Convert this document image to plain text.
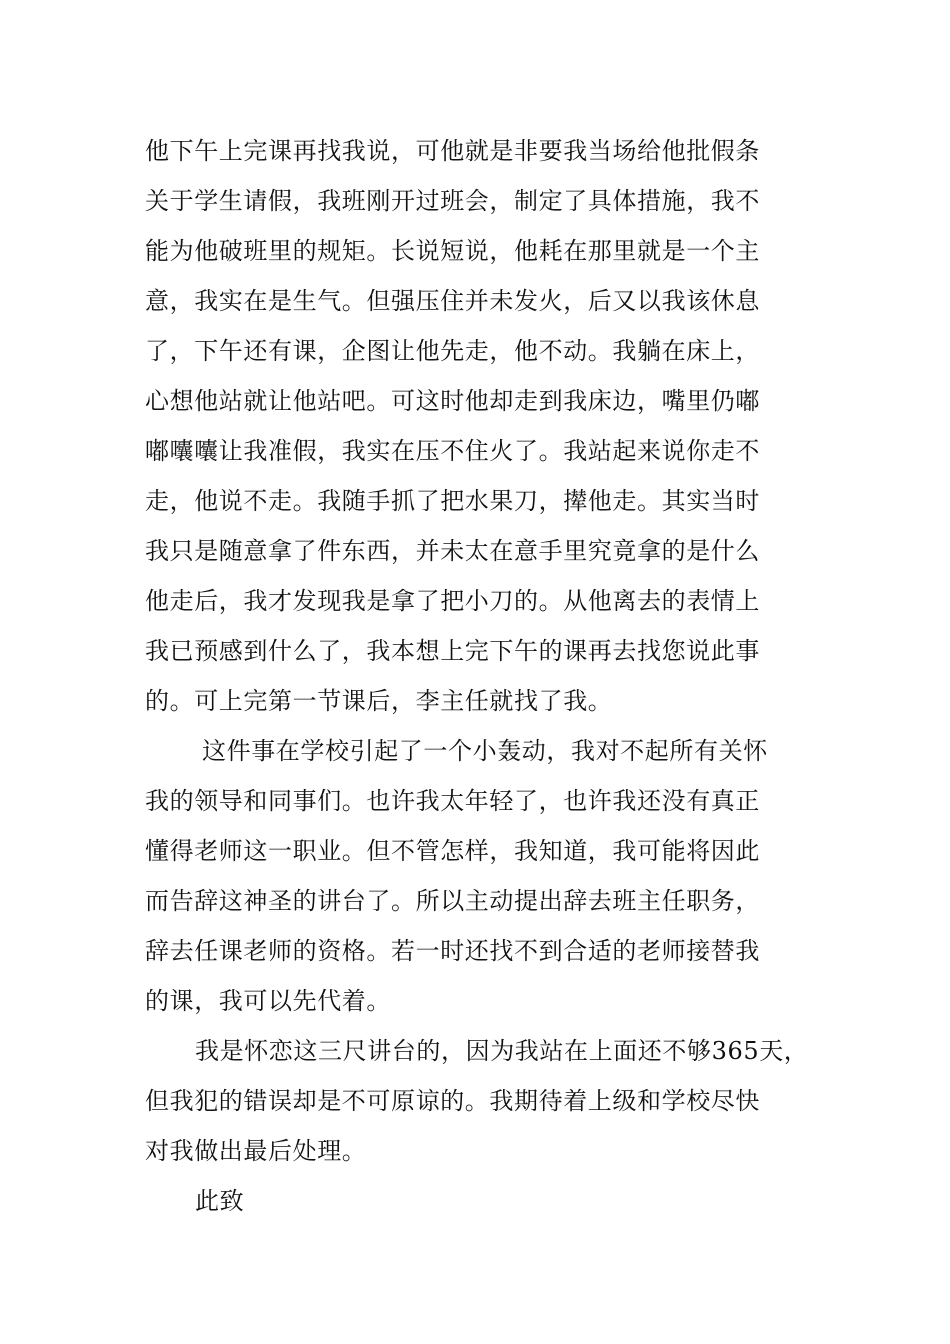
他下午上完课再找我说，可他就是非要我当场给他批假条
关于学生请假，我班刚开过班会，制定了具体措施，我不
能为他破班里的规矩。长说短说，他耗在那里就是一个主
意，我实在是生气。但强压住并未发火，后又以我该休息
了，下午还有课，企图让他先走，他不动。我躺在床上，
心想他站就让他站吧。可这时他却走到我床边，嘴里仍嘟
嘟囔囔让我准假，我实在压不住火了。我站起来说你走不
走，他说不走。我随手抓了把水果刀，撵他走。其实当时
我只是随意拿了件东西，并未太在意手里究竟拿的是什么
他走后，我才发现我是拿了把小刀的。从他离去的表情上
我已预感到什么了，我本想上完下午的课再去找您说此事
的。可上完第一节课后，李主任就找了我。
这件事在学校引起了一个小轰动，我对不起所有关怀
我的领导和同事们。也许我太年轻了，也许我还没有真正
懂得老师这一职业。但不管怎样，我知道，我可能将因此
而告辞这神圣的讲台了。所以主动提出辞去班主任职务，
辞去任课老师的资格。若一时还找不到合适的老师接替我
的课，我可以先代着。
我是怀恋这三尺讲台的，因为我站在上面还不够365天，
但我犯的错误却是不可原谅的。我期待着上级和学校尽快
对我做出最后处理。
此致
